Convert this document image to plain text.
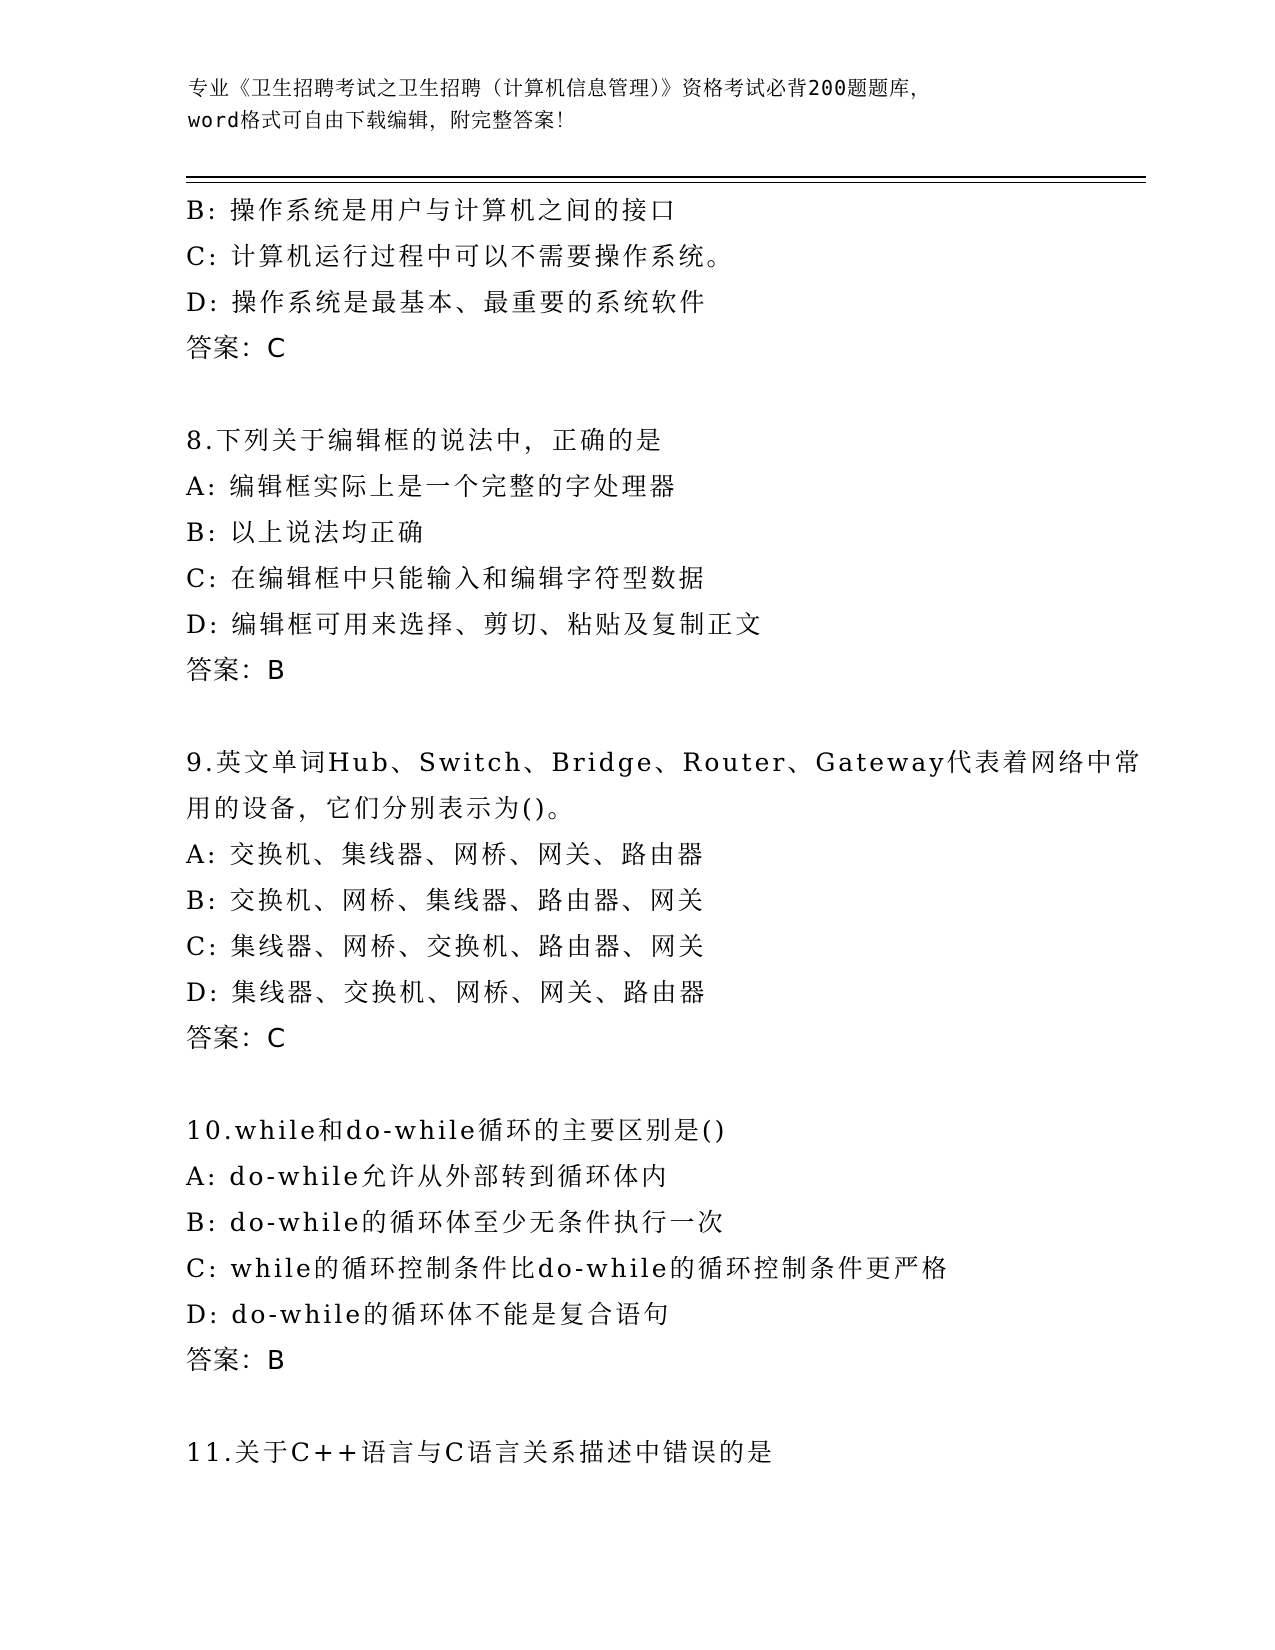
专业《卫生招聘考试之卫生招聘（计算机信息管理）》资格考试必背200题题库，
word格式可自由下载编辑，附完整答案！
B: 操作系统是用户与计算机之间的接口
C: 计算机运行过程中可以不需要操作系统。
D: 操作系统是最基本、最重要的系统软件
答案：C
8.下列关于编辑框的说法中，正确的是
A: 编辑框实际上是一个完整的字处理器
B: 以上说法均正确
C: 在编辑框中只能输入和编辑字符型数据
D: 编辑框可用来选择、剪切、粘贴及复制正文
答案：B
9.英文单词Hub、Switch、Bridge、Router、Gateway代表着网络中常
用的设备，它们分别表示为()。
A: 交换机、集线器、网桥、网关、路由器
B: 交换机、网桥、集线器、路由器、网关
C: 集线器、网桥、交换机、路由器、网关
D: 集线器、交换机、网桥、网关、路由器
答案：C
10.while和do-while循环的主要区别是()
A: do-while允许从外部转到循环体内
B: do-while的循环体至少无条件执行一次
C: while的循环控制条件比do-while的循环控制条件更严格
D: do-while的循环体不能是复合语句
答案：B
11.关于C++语言与C语言关系描述中错误的是
